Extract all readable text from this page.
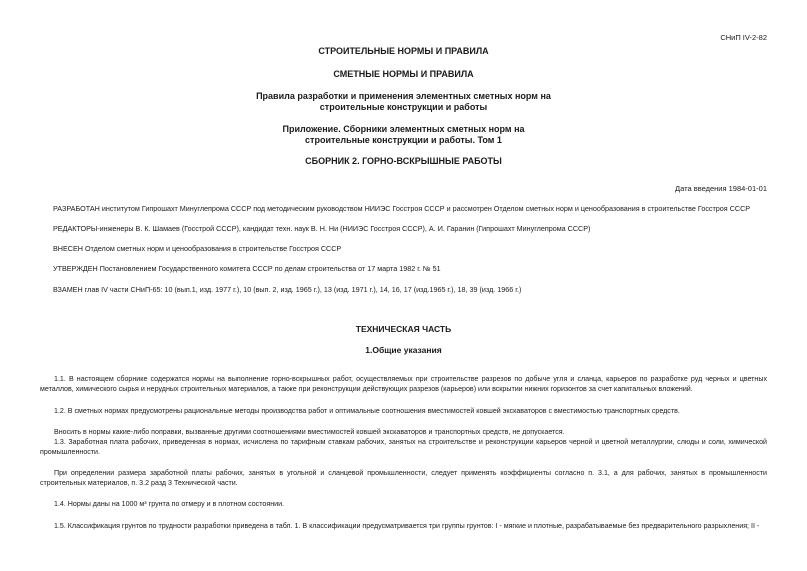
СНиП IV-2-82
СТРОИТЕЛЬНЫЕ НОРМЫ И ПРАВИЛА
СМЕТНЫЕ НОРМЫ И ПРАВИЛА
Правила разработки и применения элементных сметных норм на строительные конструкции и работы
Приложение. Сборники элементных сметных норм на строительные конструкции и работы. Том 1
СБОРНИК 2. ГОРНО-ВСКРЫШНЫЕ РАБОТЫ
Дата введения 1984-01-01
РАЗРАБОТАН институтом Гипрошахт Минуглепрома СССР под методическим руководством НИИЭС Госстроя СССР и рассмотрен Отделом сметных норм и ценообразования в строительстве Госстроя СССР
РЕДАКТОРЫ-инженеры В. К. Шамаев (Госстрой СССР), кандидат техн. наук В. Н. Ни (НИИЭС Госстроя СССР), А. И. Гаранин (Гипрошахт Минуглепрома СССР)
ВНЕСЕН Отделом сметных норм и ценообразования в строительстве Госстроя СССР
УТВЕРЖДЕН Постановлением Государственного комитета СССР по делам строительства от 17 марта 1982 г. № 51
ВЗАМЕН глав IV части СНиП-65: 10 (вып.1, изд. 1977 г.), 10 (вып. 2, изд. 1965 г.), 13 (изд. 1971 г.), 14, 16, 17 (изд.1965 г.), 18, 39 (изд. 1966 г.)
ТЕХНИЧЕСКАЯ ЧАСТЬ
1.Общие указания
1.1. В настоящем сборнике содержатся нормы на выполнение горно-вскрышных работ, осуществляемых при строительстве разрезов по добыче угля и сланца, карьеров по разработке руд черных и цветных металлов, химического сырья и нерудных строительных материалов, а также при реконструкции действующих разрезов (карьеров) или вскрытии нижних горизонтов за счет капитальных вложений.
1.2. В сметных нормах предусмотрены рациональные методы производства работ и оптимальные соотношения вместимостей ковшей экскаваторов с вместимостью транспортных средств.
Вносить в нормы какие-либо поправки, вызванные другими соотношениями вместимостей ковшей экскаваторов и транспортных средств, не допускается.
1.3. Заработная плата рабочих, приведенная в нормах, исчислена по тарифным ставкам рабочих, занятых на строительстве и реконструкции карьеров черной и цветной металлургии, слюды и соли, химической промышленности.
При определении размера заработной платы рабочих, занятых в угольной и сланцевой промышленности, следует применять коэффициенты согласно п. 3.1, а для рабочих, занятых в промышленности строительных материалов, п. 3.2 разд 3 Технической части.
1.4. Нормы даны на 1000 м³ грунта по отмеру и в плотном состоянии.
1.5. Классификация грунтов по трудности разработки приведена в табл. 1. В классификации предусматривается три группы грунтов: I - мягкие и плотные, разрабатываемые без предварительного разрыхления; II -
